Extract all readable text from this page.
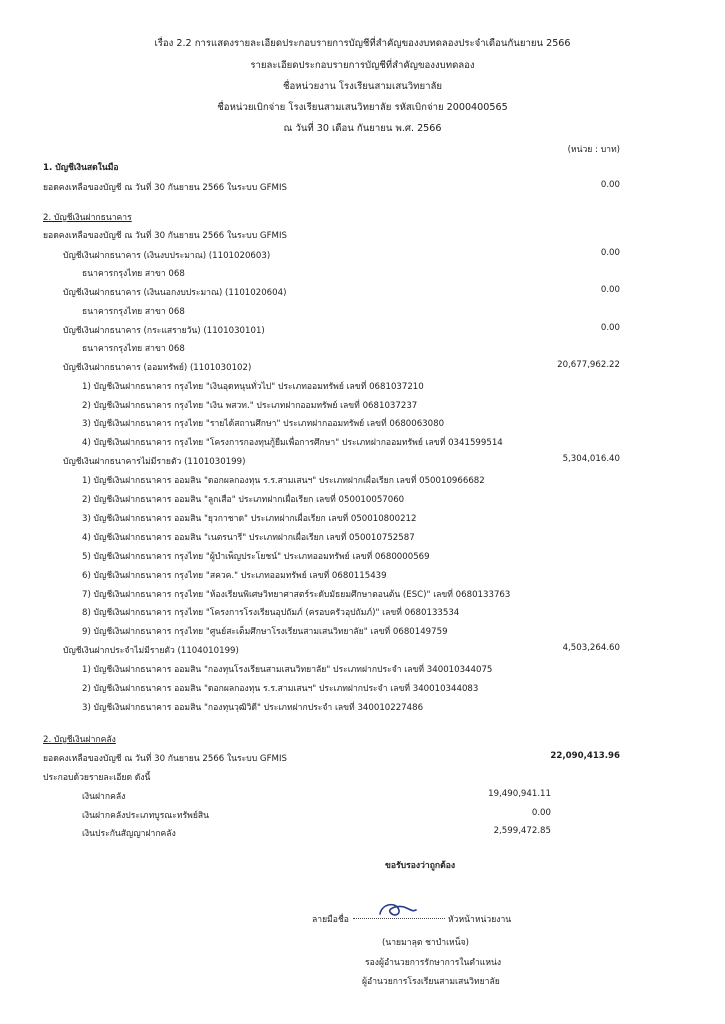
เรื่อง 2.2 การแสดงรายละเอียดประกอบรายการบัญชีที่สำคัญของงบทดลองประจำเดือนกันยายน 2566
รายละเอียดประกอบรายการบัญชีที่สำคัญของงบทดลอง
ชื่อหน่วยงาน โรงเรียนสามเสนวิทยาลัย
ชื่อหน่วยเบิกจ่าย โรงเรียนสามเสนวิทยาลัย รหัสเบิกจ่าย 2000400565
ณ วันที่ 30 เดือน กันยายน พ.ศ. 2566
(หน่วย : บาท)
1. บัญชีเงินสดในมือ
ยอดคงเหลือของบัญชี ณ วันที่ 30 กันยายน 2566 ในระบบ GFMIS	0.00
2. บัญชีเงินฝากธนาคาร
ยอดคงเหลือของบัญชี ณ วันที่ 30 กันยายน 2566 ในระบบ GFMIS
บัญชีเงินฝากธนาคาร (เงินงบประมาณ) (1101020603)	0.00
ธนาคารกรุงไทย สาขา 068
บัญชีเงินฝากธนาคาร (เงินนอกงบประมาณ) (1101020604)	0.00
ธนาคารกรุงไทย สาขา 068
บัญชีเงินฝากธนาคาร (กระแสรายวัน) (1101030101)	0.00
ธนาคารกรุงไทย สาขา 068
บัญชีเงินฝากธนาคาร (ออมทรัพย์) (1101030102)	20,677,962.22
1) บัญชีเงินฝากธนาคาร กรุงไทย "เงินอุดหนุนทั่วไป" ประเภทออมทรัพย์ เลขที่ 0681037210
2) บัญชีเงินฝากธนาคาร กรุงไทย "เงิน พสวท." ประเภทฝากออมทรัพย์ เลขที่ 0681037237
3) บัญชีเงินฝากธนาคาร กรุงไทย "รายได้สถานศึกษา" ประเภทฝากออมทรัพย์ เลขที่ 0680063080
4) บัญชีเงินฝากธนาคาร กรุงไทย "โครงการกองทุนกู้ยืมเพื่อการศึกษา" ประเภทฝากออมทรัพย์ เลขที่ 0341599514
บัญชีเงินฝากธนาคารไม่มีรายตัว (1101030199)	5,304,016.40
1) บัญชีเงินฝากธนาคาร ออมสิน "ดอกผลกองทุน ร.ร.สามเสนฯ" ประเภทฝากเผื่อเรียก เลขที่ 050010966682
2) บัญชีเงินฝากธนาคาร ออมสิน "ลูกเสือ" ประเภทฝากเผื่อเรียก เลขที่ 050010057060
3) บัญชีเงินฝากธนาคาร ออมสิน "ยุวกาชาด" ประเภทฝากเผื่อเรียก เลขที่ 050010800212
4) บัญชีเงินฝากธนาคาร ออมสิน "เนตรนารี" ประเภทฝากเผื่อเรียก เลขที่ 050010752587
5) บัญชีเงินฝากธนาคาร กรุงไทย "ผู้บำเพ็ญประโยชน์" ประเภทออมทรัพย์ เลขที่ 0680000569
6) บัญชีเงินฝากธนาคาร กรุงไทย "สควค." ประเภทออมทรัพย์ เลขที่ 0680115439
7) บัญชีเงินฝากธนาคาร กรุงไทย "ห้องเรียนพิเศษวิทยาศาสตร์ระดับมัธยมศึกษาตอนต้น (ESC)" เลขที่ 0680133763
8) บัญชีเงินฝากธนาคาร กรุงไทย "โครงการโรงเรียนอุปถัมภ์ (ครอบครัวอุปถัมภ์)" เลขที่ 0680133534
9) บัญชีเงินฝากธนาคาร กรุงไทย "ศูนย์สะเต็มศึกษาโรงเรียนสามเสนวิทยาลัย" เลขที่ 0680149759
บัญชีเงินฝากประจำไม่มีรายตัว (1104010199)	4,503,264.60
1) บัญชีเงินฝากธนาคาร ออมสิน "กองทุนโรงเรียนสามเสนวิทยาลัย" ประเภทฝากประจำ เลขที่ 340010344075
2) บัญชีเงินฝากธนาคาร ออมสิน "ดอกผลกองทุน ร.ร.สามเสนฯ" ประเภทฝากประจำ เลขที่ 340010344083
3) บัญชีเงินฝากธนาคาร ออมสิน "กองทุนวุฒิวิดี" ประเภทฝากประจำ เลขที่ 340010227486
2. บัญชีเงินฝากคลัง
ยอดคงเหลือของบัญชี ณ วันที่ 30 กันยายน 2566 ในระบบ GFMIS	22,090,413.96
ประกอบด้วยรายละเอียด ดังนี้
เงินฝากคลัง	19,490,941.11
เงินฝากคลังประเภทบูรณะทรัพย์สิน	0.00
เงินประกันสัญญาฝากคลัง	2,599,472.85
ขอรับรองว่าถูกต้อง
ลายมือชื่อ	หัวหน้าหน่วยงาน
(นายมาลุต ชาบำเหน็จ)
รองผู้อำนวยการรักษาการในตำแหน่ง
ผู้อำนวยการโรงเรียนสามเสนวิทยาลัย
